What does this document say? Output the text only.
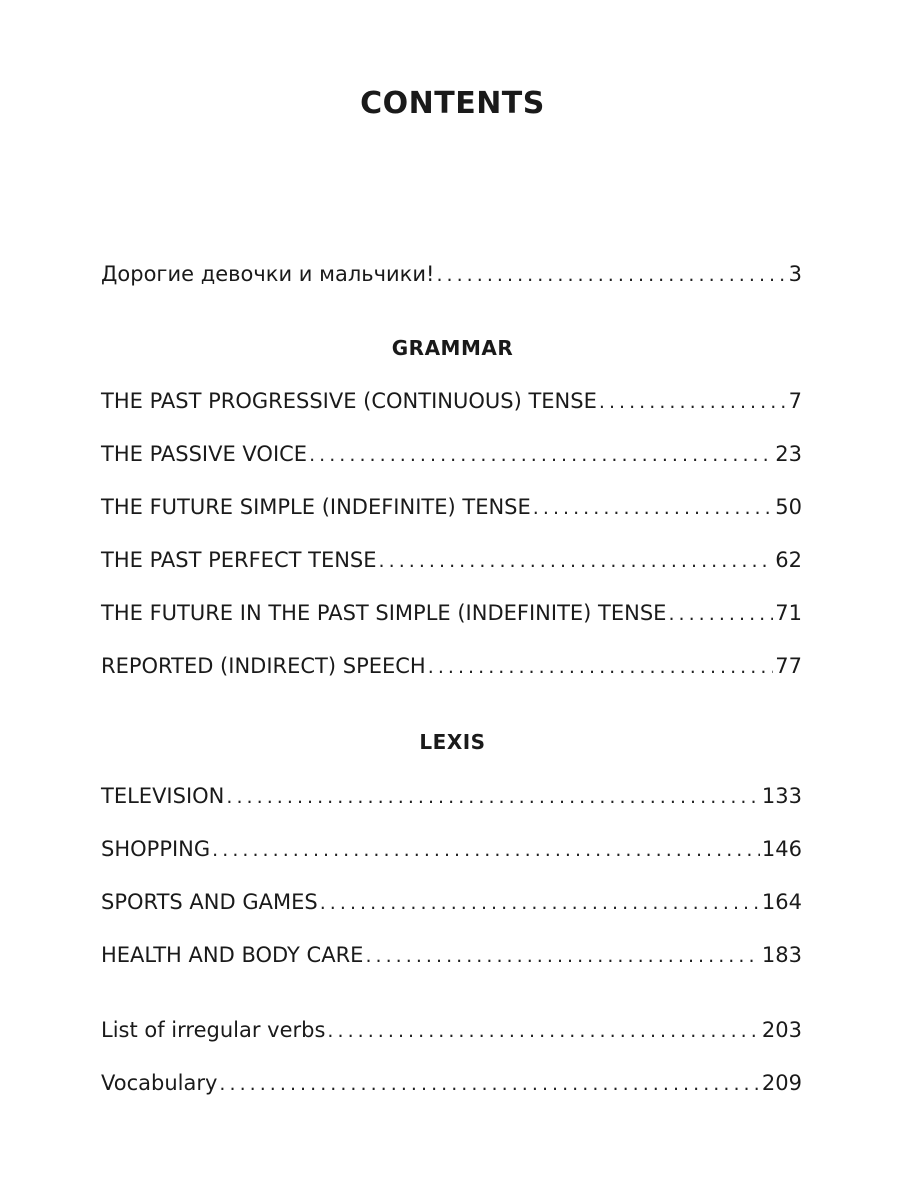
CONTENTS
Дорогие девочки и мальчики! . . .	3
GRAMMAR
THE PAST PROGRESSIVE (CONTINUOUS) TENSE . . .	7
THE PASSIVE VOICE . . .	23
THE FUTURE SIMPLE (INDEFINITE) TENSE . . .	50
THE PAST PERFECT TENSE . . .	62
THE FUTURE IN THE PAST SIMPLE (INDEFINITE) TENSE . . .	71
REPORTED (INDIRECT) SPEECH . . .	77
LEXIS
TELEVISION . . .	133
SHOPPING . . .	146
SPORTS AND GAMES . . .	164
HEALTH AND BODY CARE . . .	183
List of irregular verbs . . .	203
Vocabulary . . .	209
